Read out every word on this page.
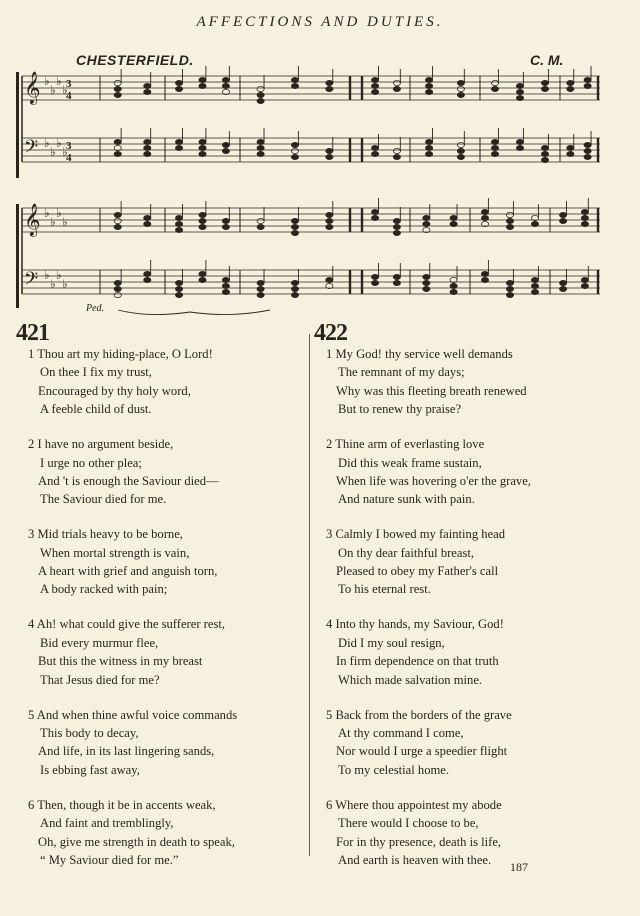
AFFECTIONS AND DUTIES.
CHESTERFIELD.	C. M.
𝄞 ♭
♭
♭
♭
3
4
𝄢 ♭
♭
♭
♭
3
4
𝄞 ♭
♭
♭
♭
𝄢 ♭
♭
♭
♭
Ped.
421	422
1 Thou art my hiding-place, O Lord!
On thee I fix my trust,
Encouraged by thy holy word,
A feeble child of dust.
2 I have no argument beside,
I urge no other plea;
And 't is enough the Saviour died—
The Saviour died for me.
3 Mid trials heavy to be borne,
When mortal strength is vain,
A heart with grief and anguish torn,
A body racked with pain;
4 Ah! what could give the sufferer rest,
Bid every murmur flee,
But this the witness in my breast
That Jesus died for me?
5 And when thine awful voice commands
This body to decay,
And life, in its last lingering sands,
Is ebbing fast away,
6 Then, though it be in accents weak,
And faint and tremblingly,
Oh, give me strength in death to speak,
“ My Saviour died for me.”
1 My God! thy service well demands
The remnant of my days;
Why was this fleeting breath renewed
But to renew thy praise?
2 Thine arm of everlasting love
Did this weak frame sustain,
When life was hovering o'er the grave,
And nature sunk with pain.
3 Calmly I bowed my fainting head
On thy dear faithful breast,
Pleased to obey my Father's call
To his eternal rest.
4 Into thy hands, my Saviour, God!
Did I my soul resign,
In firm dependence on that truth
Which made salvation mine.
5 Back from the borders of the grave
At thy command I come,
Nor would I urge a speedier flight
To my celestial home.
6 Where thou appointest my abode
There would I choose to be,
For in thy presence, death is life,
And earth is heaven with thee.
187
